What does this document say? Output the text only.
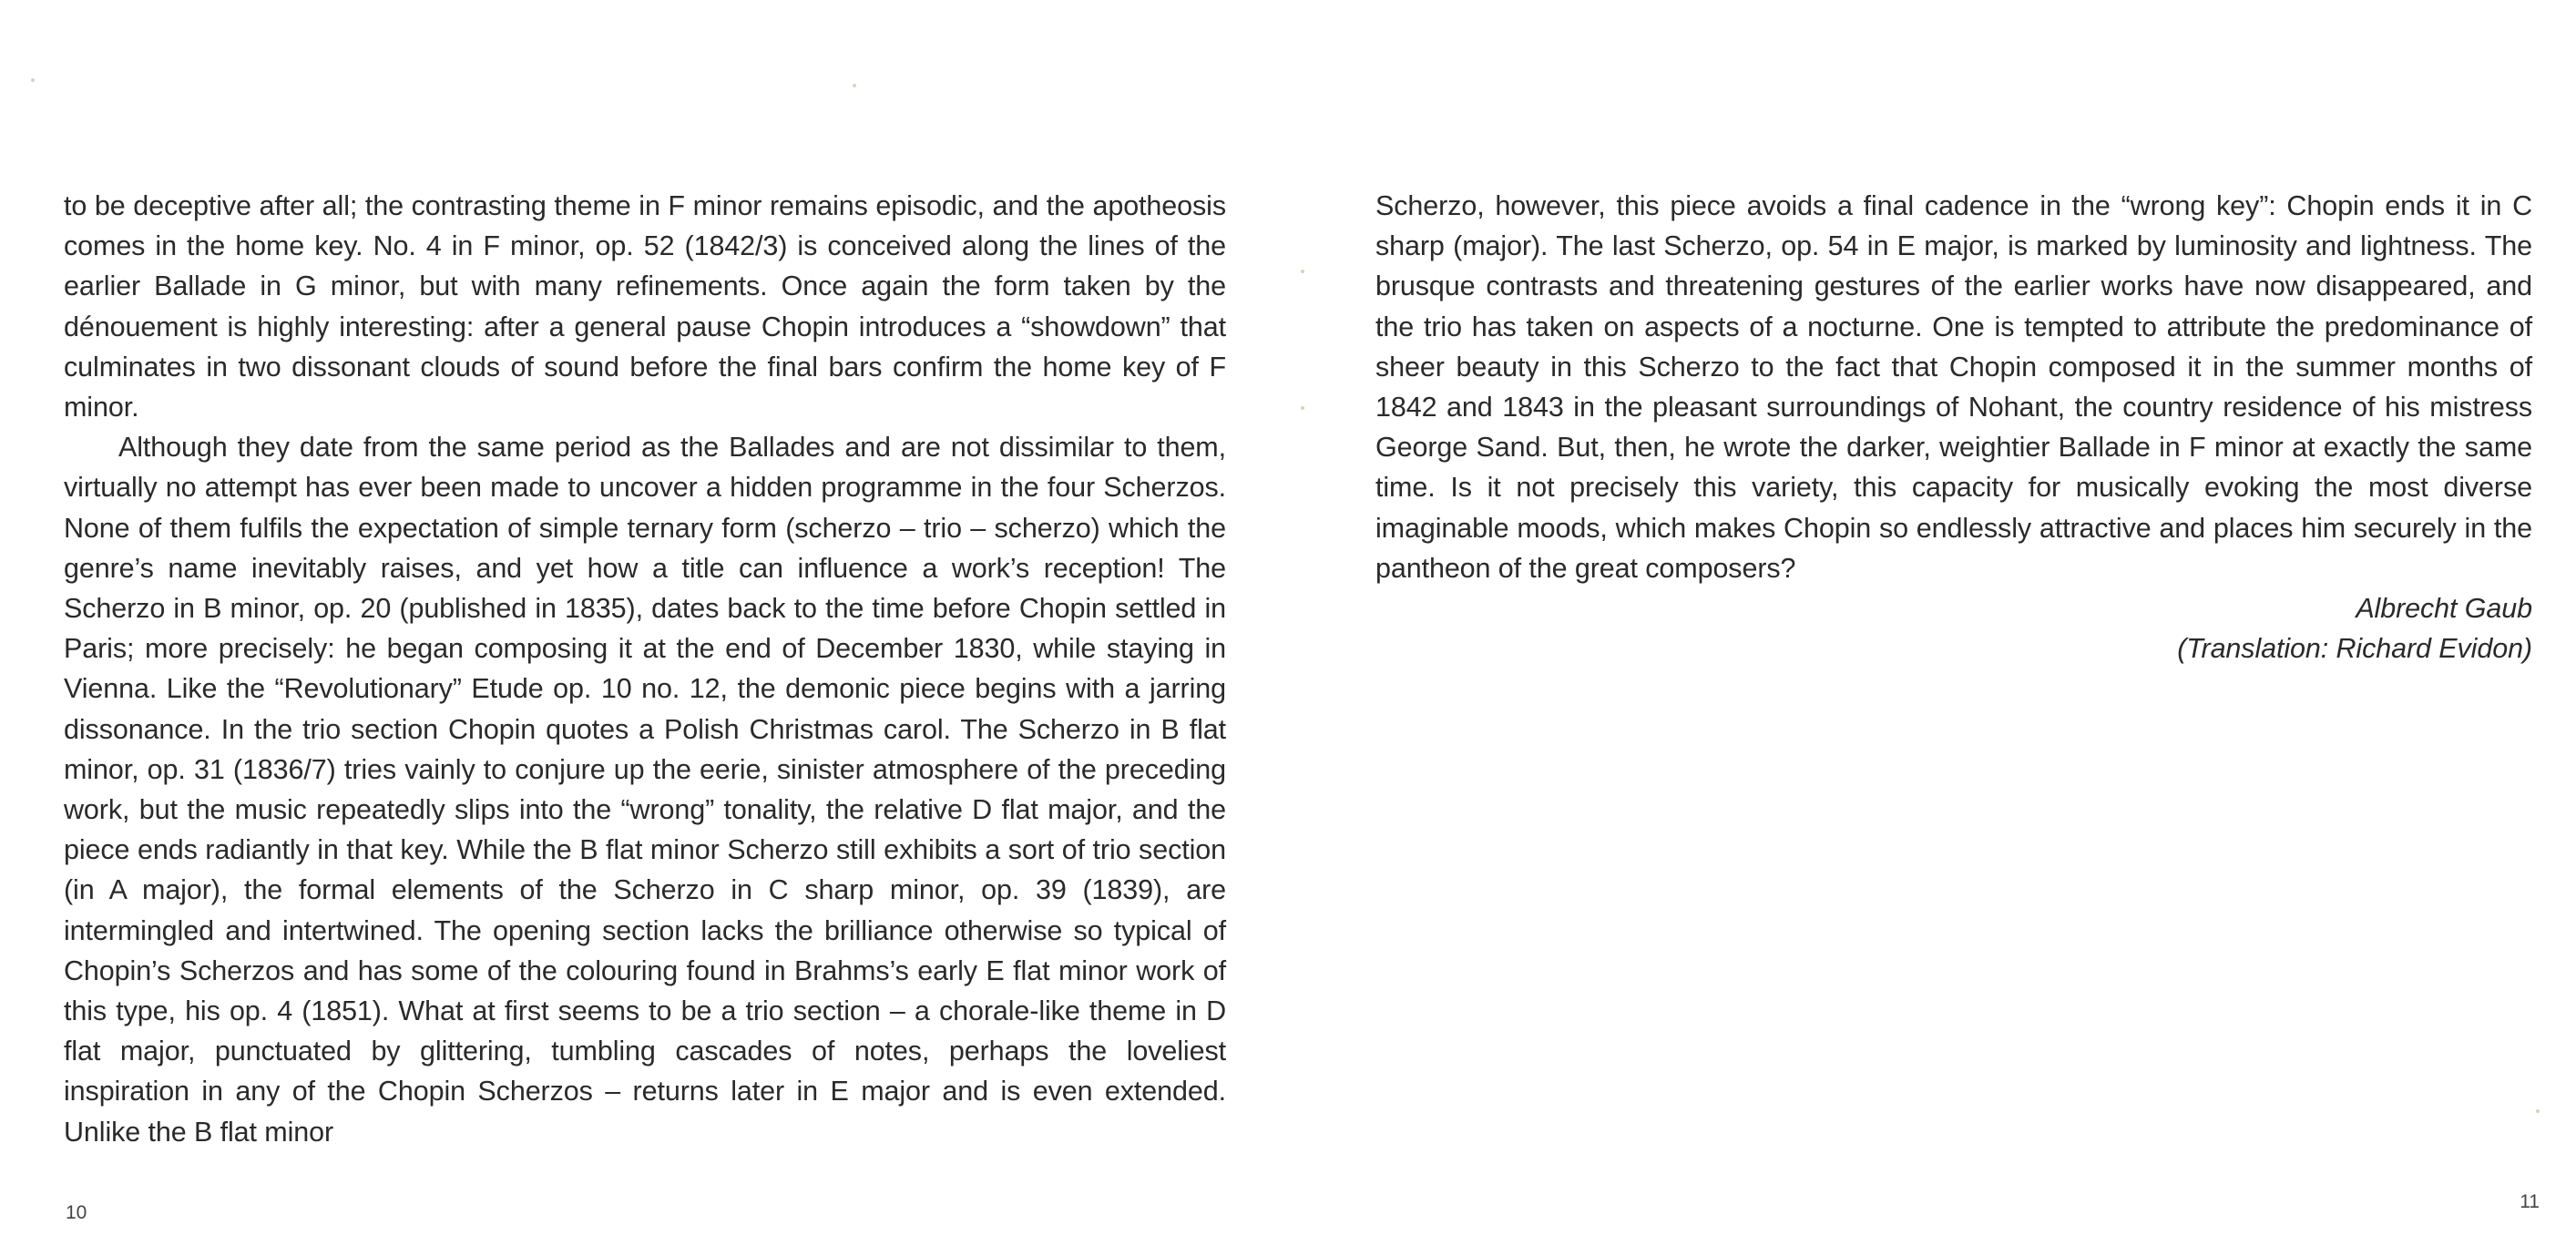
to be deceptive after all; the contrasting theme in F minor remains episodic, and the apotheosis comes in the home key. No. 4 in F minor, op. 52 (1842/3) is conceived along the lines of the earlier Ballade in G minor, but with many refinements. Once again the form taken by the dénouement is highly interesting: after a general pause Chopin introduces a “showdown” that culminates in two dissonant clouds of sound before the final bars confirm the home key of F minor.

Although they date from the same period as the Ballades and are not dissimilar to them, virtually no attempt has ever been made to uncover a hidden programme in the four Scherzos. None of them fulfils the expectation of simple ternary form (scherzo – trio – scherzo) which the genre’s name inevitably raises, and yet how a title can influence a work’s reception! The Scherzo in B minor, op. 20 (published in 1835), dates back to the time before Chopin settled in Paris; more precisely: he began composing it at the end of December 1830, while staying in Vienna. Like the “Revolutionary” Etude op. 10 no. 12, the demonic piece begins with a jarring dissonance. In the trio section Chopin quotes a Polish Christmas carol. The Scherzo in B flat minor, op. 31 (1836/7) tries vainly to conjure up the eerie, sinister atmosphere of the preceding work, but the music repeatedly slips into the “wrong” tonality, the relative D flat major, and the piece ends radiantly in that key. While the B flat minor Scherzo still exhibits a sort of trio section (in A major), the formal elements of the Scherzo in C sharp minor, op. 39 (1839), are intermingled and intertwined. The opening section lacks the brilliance otherwise so typical of Chopin’s Scherzos and has some of the colouring found in Brahms’s early E flat minor work of this type, his op. 4 (1851). What at first seems to be a trio section – a chorale-like theme in D flat major, punctuated by glittering, tumbling cascades of notes, perhaps the loveliest inspiration in any of the Chopin Scherzos – returns later in E major and is even extended. Unlike the B flat minor

10

Scherzo, however, this piece avoids a final cadence in the “wrong key”: Chopin ends it in C sharp (major). The last Scherzo, op. 54 in E major, is marked by luminosity and lightness. The brusque contrasts and threatening gestures of the earlier works have now disappeared, and the trio has taken on aspects of a nocturne. One is tempted to attribute the predominance of sheer beauty in this Scherzo to the fact that Chopin composed it in the summer months of 1842 and 1843 in the pleasant surroundings of Nohant, the country residence of his mistress George Sand. But, then, he wrote the darker, weightier Ballade in F minor at exactly the same time. Is it not precisely this variety, this capacity for musically evoking the most diverse imaginable moods, which makes Chopin so endlessly attractive and places him securely in the pantheon of the great composers?

Albrecht Gaub

(Translation: Richard Evidon)

11
